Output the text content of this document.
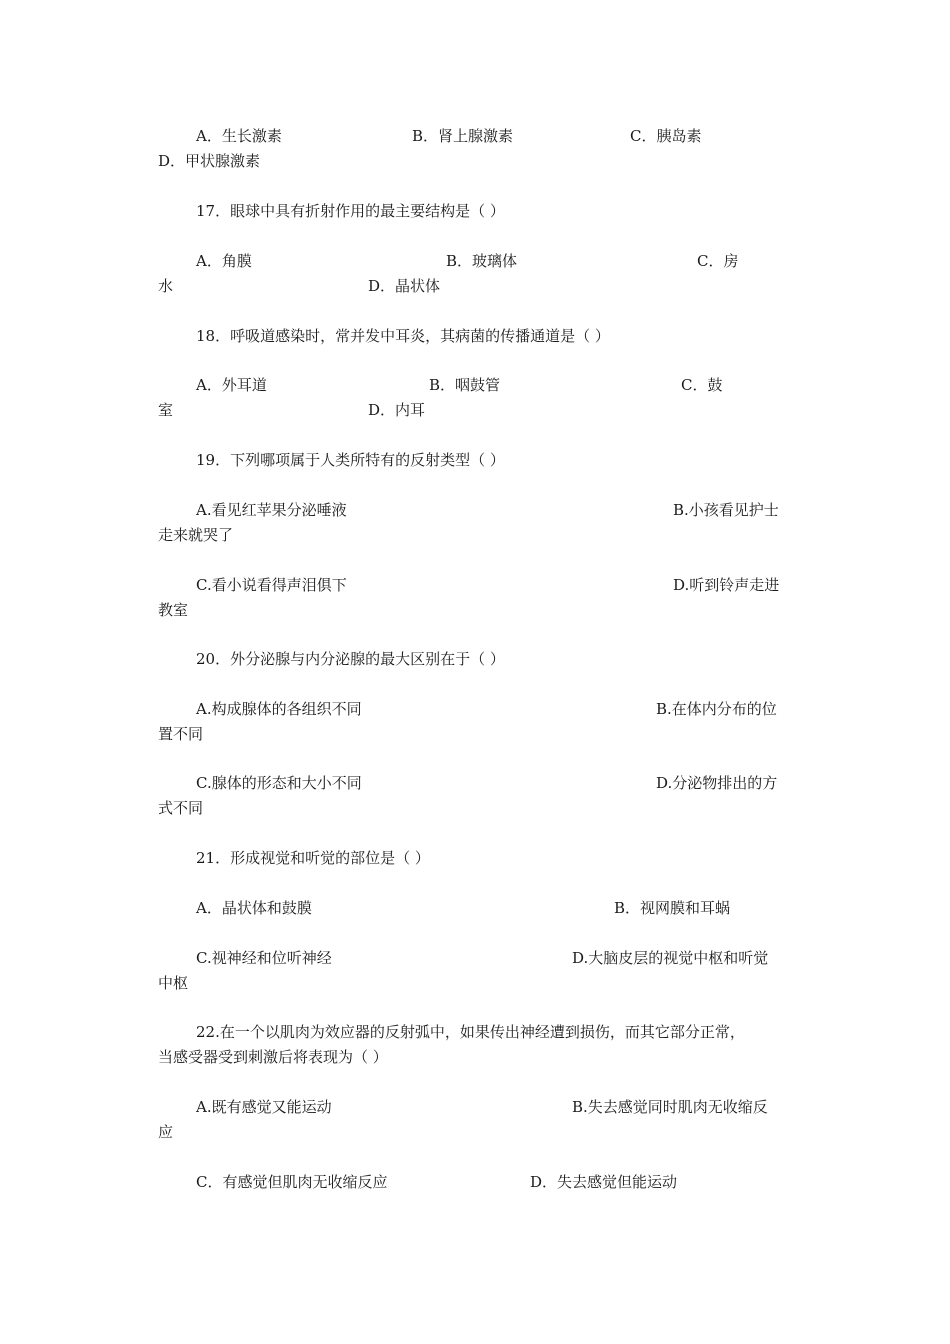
A．生长激素	B．肾上腺激素	C．胰岛素
D．甲状腺激素
17．眼球中具有折射作用的最主要结构是（ ）
A．角膜	B．玻璃体	C．房
水	D．晶状体
18．呼吸道感染时，常并发中耳炎，其病菌的传播通道是（ ）
A．外耳道	B．咽鼓管	C．鼓
室	D．内耳
19．下列哪项属于人类所特有的反射类型（ ）
A.看见红苹果分泌唾液	B.小孩看见护士
走来就哭了
C.看小说看得声泪俱下	D.听到铃声走进
教室
20．外分泌腺与内分泌腺的最大区别在于（ ）
A.构成腺体的各组织不同	B.在体内分布的位
置不同
C.腺体的形态和大小不同	D.分泌物排出的方
式不同
21．形成视觉和听觉的部位是（ ）
A．晶状体和鼓膜	B．视网膜和耳蜗
C.视神经和位听神经	D.大脑皮层的视觉中枢和听觉
中枢
22.在一个以肌肉为效应器的反射弧中，如果传出神经遭到损伤，而其它部分正常，
当感受器受到刺激后将表现为（ ）
A.既有感觉又能运动	B.失去感觉同时肌肉无收缩反
应
C．有感觉但肌肉无收缩反应	D．失去感觉但能运动
